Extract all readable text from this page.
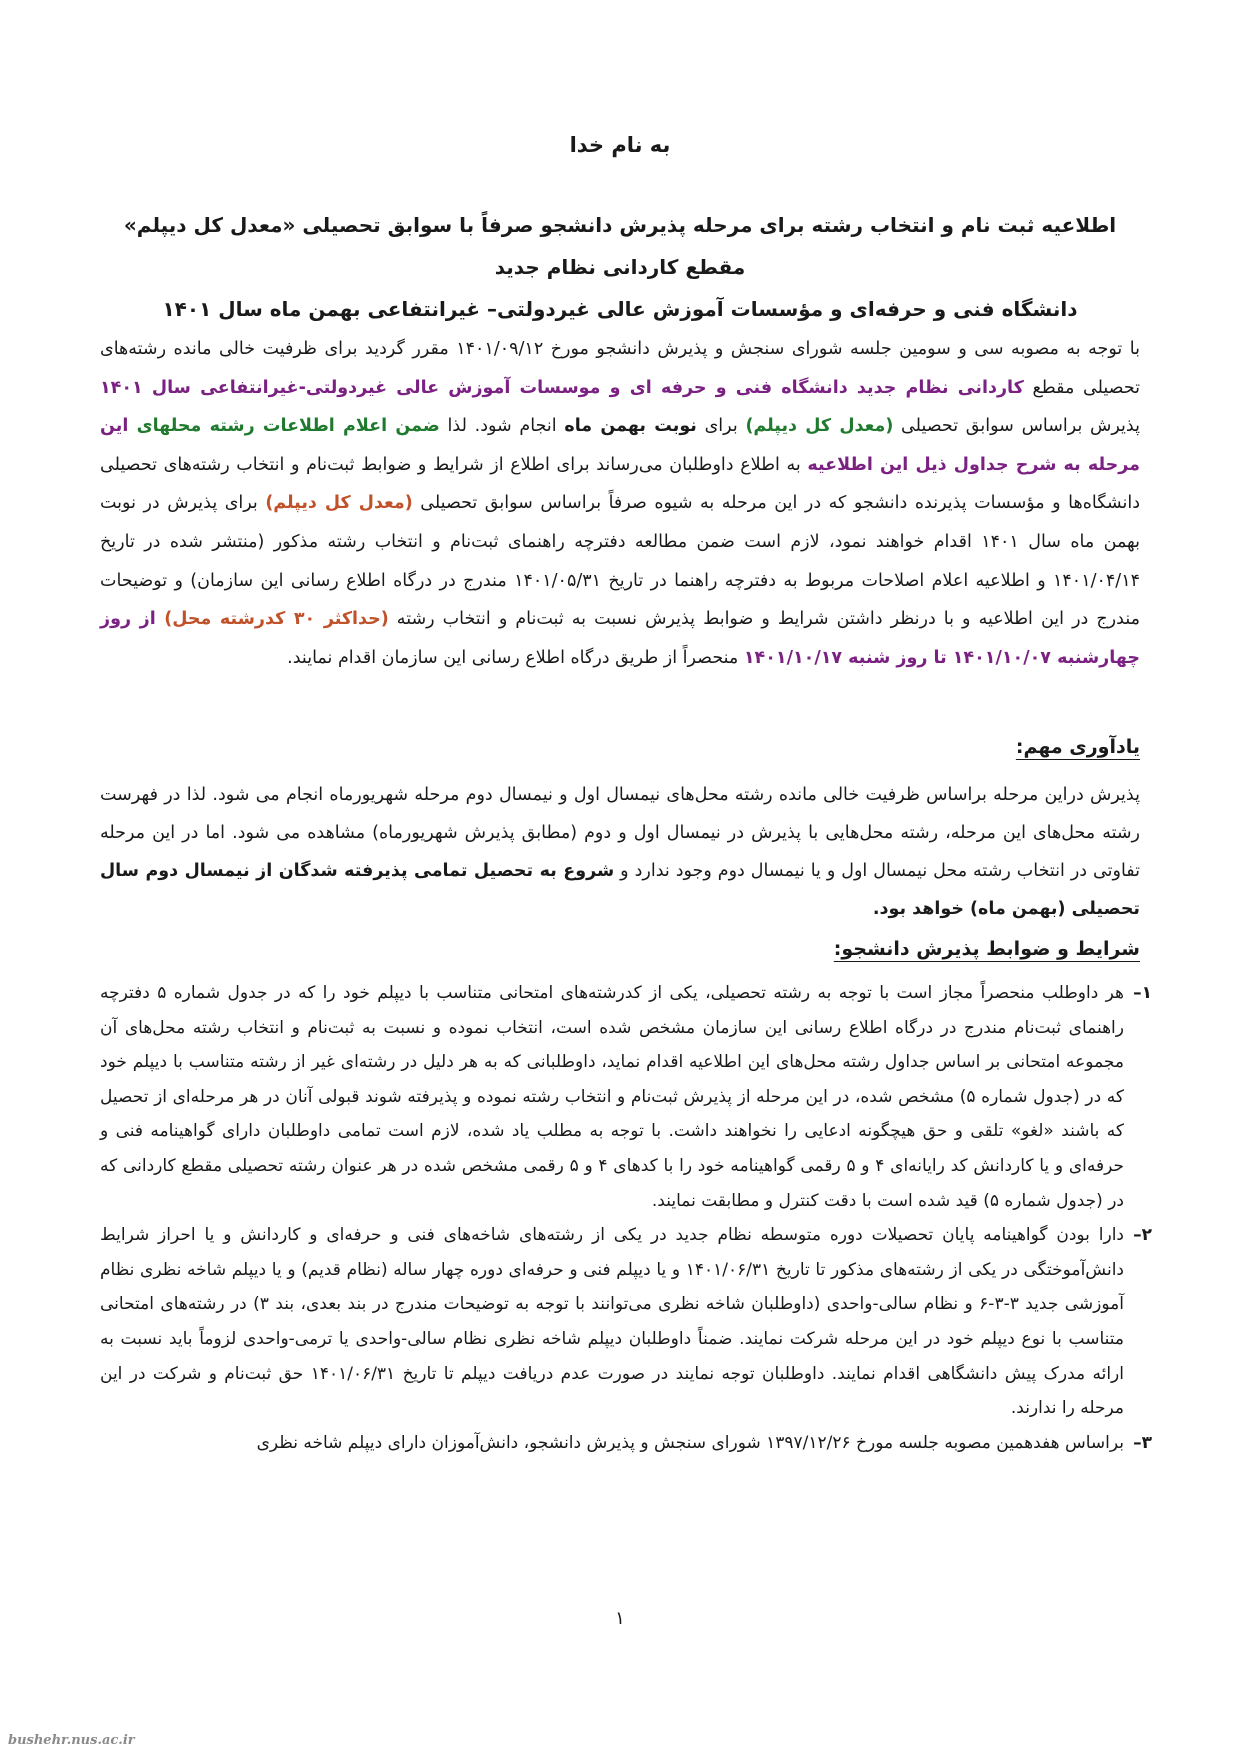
به نام خدا
اطلاعیه ثبت نام و انتخاب رشته برای مرحله پذیرش دانشجو صرفاً با سوابق تحصیلی «معدل کل دیپلم» مقطع کاردانی نظام جدید
دانشگاه فنی و حرفه‌ای و مؤسسات آموزش عالی غیردولتی– غیرانتفاعی بهمن ماه سال ۱۴۰۱

با توجه به مصوبه سی و سومین جلسه شورای سنجش و پذیرش دانشجو مورخ ۱۴۰۱/۰۹/۱۲ مقرر گردید برای ظرفیت خالی مانده رشته‌های تحصیلی مقطع کاردانی نظام جدید دانشگاه فنی و حرفه ای و موسسات آموزش عالی غیردولتی-غیرانتفاعی سال ۱۴۰۱ پذیرش براساس سوابق تحصیلی (معدل کل دیپلم) برای نوبت بهمن ماه انجام شود. لذا ضمن اعلام اطلاعات رشته محلهای این مرحله به شرح جداول ذیل این اطلاعیه به اطلاع داوطلبان می‌رساند برای اطلاع از شرایط و ضوابط ثبت‌نام و انتخاب رشته‌های تحصیلی دانشگاه‌ها و مؤسسات پذیرنده دانشجو که در این مرحله به شیوه صرفاً براساس سوابق تحصیلی (معدل کل دیپلم) برای پذیرش در نوبت بهمن ماه سال ۱۴۰۱ اقدام خواهند نمود، لازم است ضمن مطالعه دفترچه راهنمای ثبت‌نام و انتخاب رشته مذکور (منتشر شده در تاریخ ۱۴۰۱/۰۴/۱۴ و اطلاعیه اعلام اصلاحات مربوط به دفترچه راهنما در تاریخ ۱۴۰۱/۰۵/۳۱ مندرج در درگاه اطلاع رسانی این سازمان) و توضیحات مندرج در این اطلاعیه و با درنظر داشتن شرایط و ضوابط پذیرش نسبت به ثبت‌نام و انتخاب رشته (حداکثر ۳۰ کدرشته محل) از روز چهارشنبه ۱۴۰۱/۱۰/۰۷ تا روز شنبه ۱۴۰۱/۱۰/۱۷ منحصراً از طریق درگاه اطلاع رسانی این سازمان اقدام نمایند.

یادآوری مهم:

پذیرش دراین مرحله براساس ظرفیت خالی مانده رشته محل‌های نیمسال اول و نیمسال دوم مرحله شهریورماه انجام می شود. لذا در فهرست رشته محل‌های این مرحله، رشته محل‌هایی با پذیرش در نیمسال اول و دوم (مطابق پذیرش شهریورماه) مشاهده می شود. اما در این مرحله تفاوتی در انتخاب رشته محل نیمسال اول و یا نیمسال دوم وجود ندارد و شروع به تحصیل تمامی پذیرفته شدگان از نیمسال دوم سال تحصیلی (بهمن ماه) خواهد بود.

شرایط و ضوابط پذیرش دانشجو:
۱–
هر داوطلب منحصراً مجاز است با توجه به رشته تحصیلی، یکی از کدرشته‌های امتحانی متناسب با دیپلم خود را که در جدول شماره ۵ دفترچه راهنمای ثبت‌نام مندرج در درگاه اطلاع رسانی این سازمان مشخص شده است، انتخاب نموده و نسبت به ثبت‌نام و انتخاب رشته محل‌های آن مجموعه امتحانی بر اساس جداول رشته محل‌های این اطلاعیه اقدام نماید، داوطلبانی که به هر دلیل در رشته‌ای غیر از رشته متناسب با دیپلم خود که در (جدول شماره ۵) مشخص شده، در این مرحله از پذیرش ثبت‌نام و انتخاب رشته نموده و پذیرفته شوند قبولی آنان در هر مرحله‌ای از تحصیل که باشند «لغو» تلقی و حق هیچگونه ادعایی را نخواهند داشت. با توجه به مطلب یاد شده، لازم است تمامی داوطلبان دارای گواهینامه فنی و حرفه‌ای و یا کاردانش کد رایانه‌ای ۴ و ۵ رقمی گواهینامه خود را با کدهای ۴ و ۵ رقمی مشخص شده در هر عنوان رشته تحصیلی مقطع کاردانی که در (جدول شماره ۵) قید شده است با دقت کنترل و مطابقت نمایند.
۲–
دارا بودن گواهینامه پایان تحصیلات دوره متوسطه نظام جدید در یکی از رشته‌های شاخه‌های فنی و حرفه‌ای و کاردانش و یا احراز شرایط دانش‌آموختگی در یکی از رشته‌های مذکور تا تاریخ ۱۴۰۱/۰۶/۳۱ و یا دیپلم فنی و حرفه‌ای دوره چهار ساله (نظام قدیم) و یا دیپلم شاخه نظری نظام آموزشی جدید ۳-۳-۶ و نظام سالی-واحدی (داوطلبان شاخه نظری می‌توانند با توجه به توضیحات مندرج در بند بعدی، بند ۳) در رشته‌های امتحانی متناسب با نوع دیپلم خود در این مرحله شرکت نمایند. ضمناً داوطلبان دیپلم شاخه نظری نظام سالی-واحدی یا ترمی-واحدی لزوماً باید نسبت به ارائه مدرک پیش دانشگاهی اقدام نمایند. داوطلبان توجه نمایند در صورت عدم دریافت دیپلم تا تاریخ ۱۴۰۱/۰۶/۳۱ حق ثبت‌نام و شرکت در این مرحله را ندارند.
۳–
براساس هفدهمین مصوبه جلسه مورخ ۱۳۹۷/۱۲/۲۶ شورای سنجش و پذیرش دانشجو، دانش‌آموزان دارای دیپلم شاخه نظری
۱
bushehr.nus.ac.ir
